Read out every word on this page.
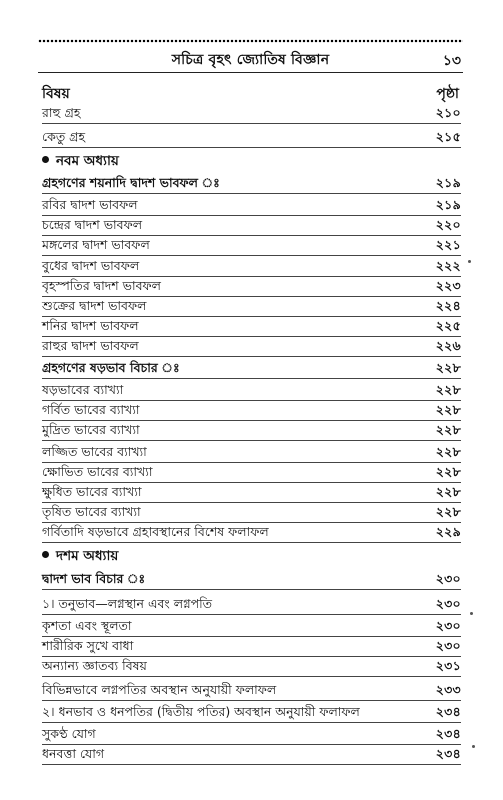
সচিত্র বৃহৎ জ্যোতিষ বিজ্ঞান	১৩
বিষয়	পৃষ্ঠা
রাহু গ্রহ	২১০
কেতু গ্রহ	২১৫
নবম অধ্যায়
গ্রহগণের শয়নাদি দ্বাদশ ভাবফল ঃ	২১৯
রবির দ্বাদশ ভাবফল	২১৯
চন্দ্রের দ্বাদশ ভাবফল	২২০
মঙ্গলের দ্বাদশ ভাবফল	২২১
বুধের দ্বাদশ ভাবফল	২২২
বৃহস্পতির দ্বাদশ ভাবফল	২২৩
শুক্রের দ্বাদশ ভাবফল	২২৪
শনির দ্বাদশ ভাবফল	২২৫
রাহুর দ্বাদশ ভাবফল	২২৬
গ্রহগণের ষড়ভাব বিচার ঃ	২২৮
ষড়ভাবের ব্যাখ্যা	২২৮
গর্বিত ভাবের ব্যাখ্যা	২২৮
মুদ্রিত ভাবের ব্যাখ্যা	২২৮
লজ্জিত ভাবের ব্যাখ্যা	২২৮
ক্ষোভিত ভাবের ব্যাখ্যা	২২৮
ক্ষুধিত ভাবের ব্যাখ্যা	২২৮
তৃষিত ভাবের ব্যাখ্যা	২২৮
গর্বিতাদি ষড়ভাবে গ্রহাবস্থানের বিশেষ ফলাফল	২২৯
দশম অধ্যায়
দ্বাদশ ভাব বিচার ঃ	২৩০
১। তনুভাব—লগ্নস্থান এবং লগ্নপতি	২৩০
কৃশতা এবং স্থূলতা	২৩০
শারীরিক সুখে বাধা	২৩০
অন্যান্য জ্ঞাতব্য বিষয়	২৩১
বিভিন্নভাবে লগ্নপতির অবস্থান অনুযায়ী ফলাফল	২৩৩
২। ধনভাব ও ধনপতির (দ্বিতীয় পতির) অবস্থান অনুযায়ী ফলাফল	২৩৪
সুকণ্ঠ যোগ	২৩৪
ধনবত্তা যোগ	২৩৪
